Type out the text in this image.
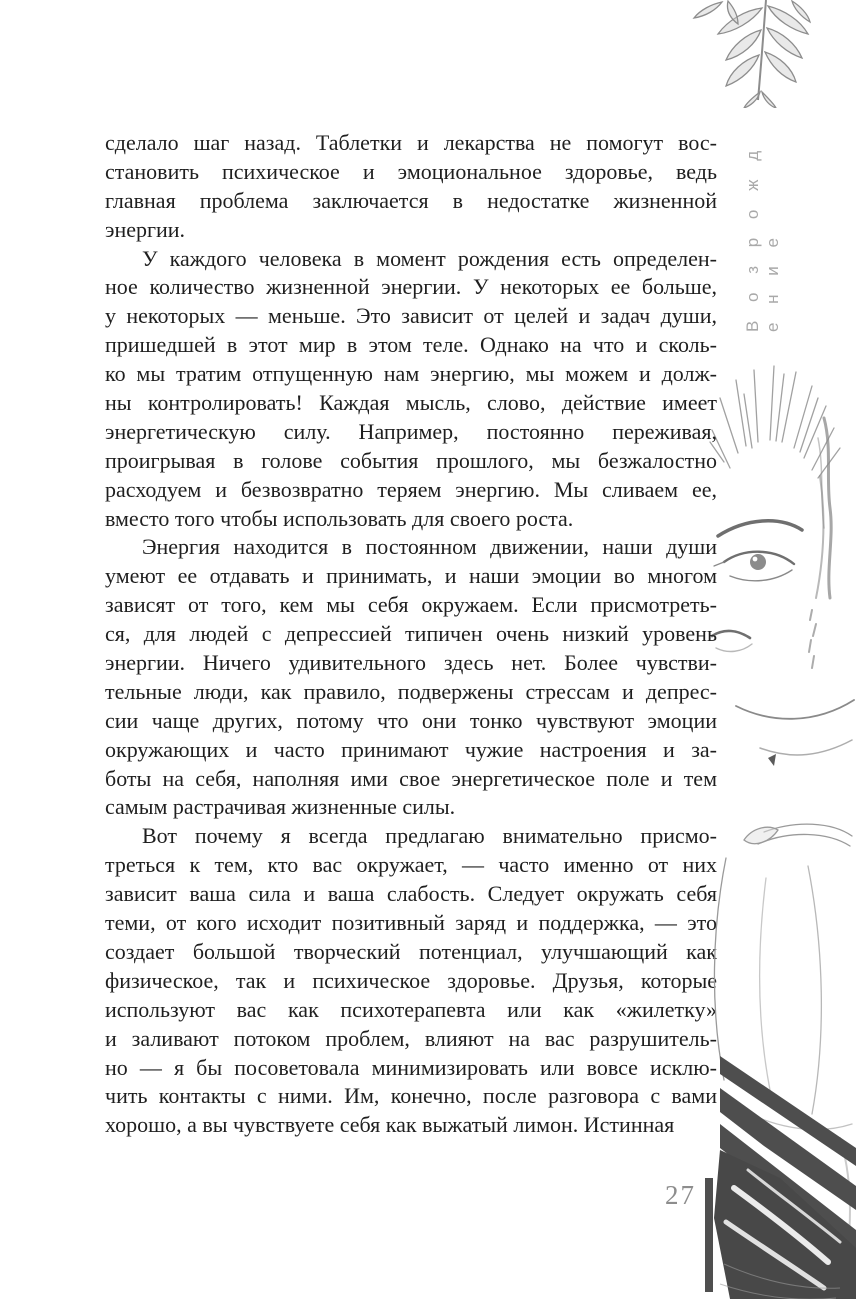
В о з р о ж д е н и е
сделало шаг назад. Таблетки и лекарства не помогут вос-
становить психическое и эмоциональное здоровье, ведь
главная проблема заключается в недостатке жизненной
энергии.
У каждого человека в момент рождения есть определен-
ное количество жизненной энергии. У некоторых ее больше,
у некоторых — меньше. Это зависит от целей и задач души,
пришедшей в этот мир в этом теле. Однако на что и сколь-
ко мы тратим отпущенную нам энергию, мы можем и долж-
ны контролировать! Каждая мысль, слово, действие имеет
энергетическую силу. Например, постоянно переживая,
проигрывая в голове события прошлого, мы безжалостно
расходуем и безвозвратно теряем энергию. Мы сливаем ее,
вместо того чтобы использовать для своего роста.
Энергия находится в постоянном движении, наши души
умеют ее отдавать и принимать, и наши эмоции во многом
зависят от того, кем мы себя окружаем. Если присмотреть-
ся, для людей с депрессией типичен очень низкий уровень
энергии. Ничего удивительного здесь нет. Более чувстви-
тельные люди, как правило, подвержены стрессам и депрес-
сии чаще других, потому что они тонко чувствуют эмоции
окружающих и часто принимают чужие настроения и за-
боты на себя, наполняя ими свое энергетическое поле и тем
самым растрачивая жизненные силы.
Вот почему я всегда предлагаю внимательно присмо-
треться к тем, кто вас окружает, — часто именно от них
зависит ваша сила и ваша слабость. Следует окружать себя
теми, от кого исходит позитивный заряд и поддержка, — это
создает большой творческий потенциал, улучшающий как
физическое, так и психическое здоровье. Друзья, которые
используют вас как психотерапевта или как «жилетку»
и заливают потоком проблем, влияют на вас разрушитель-
но — я бы посоветовала минимизировать или вовсе исклю-
чить контакты с ними. Им, конечно, после разговора с вами
хорошо, а вы чувствуете себя как выжатый лимон. Истинная
27
